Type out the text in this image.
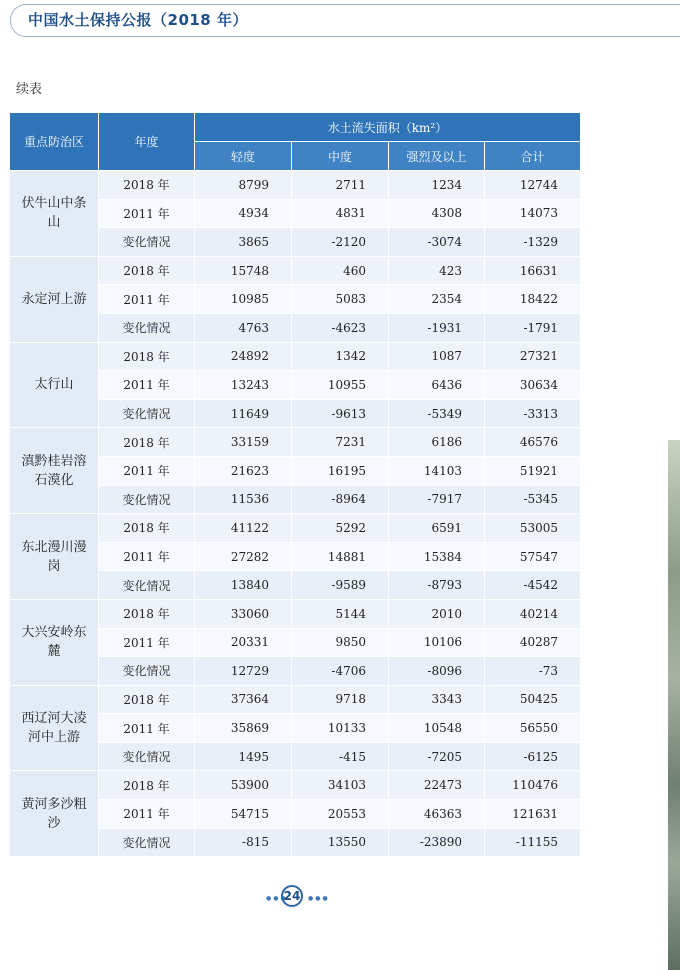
中国水土保持公报（2018 年）
续表
重点防治区	年度	水土流失面积（km²）			
		轻度	中度	强烈及以上	合计
伏牛山中条山	2018 年	8799	2711	1234	12744
	2011 年	4934	4831	4308	14073
	变化情况	3865	-2120	-3074	-1329
永定河上游	2018 年	15748	460	423	16631
	2011 年	10985	5083	2354	18422
	变化情况	4763	-4623	-1931	-1791
太行山	2018 年	24892	1342	1087	27321
	2011 年	13243	10955	6436	30634
	变化情况	11649	-9613	-5349	-3313
滇黔桂岩溶石漠化	2018 年	33159	7231	6186	46576
	2011 年	21623	16195	14103	51921
	变化情况	11536	-8964	-7917	-5345
东北漫川漫岗	2018 年	41122	5292	6591	53005
	2011 年	27282	14881	15384	57547
	变化情况	13840	-9589	-8793	-4542
大兴安岭东麓	2018 年	33060	5144	2010	40214
	2011 年	20331	9850	10106	40287
	变化情况	12729	-4706	-8096	-73
西辽河大凌河中上游	2018 年	37364	9718	3343	50425
	2011 年	35869	10133	10548	56550
	变化情况	1495	-415	-7205	-6125
黄河多沙粗沙	2018 年	53900	34103	22473	110476
	2011 年	54715	20553	46363	121631
	变化情况	-815	13550	-23890	-11155
●●●
24	●●●
